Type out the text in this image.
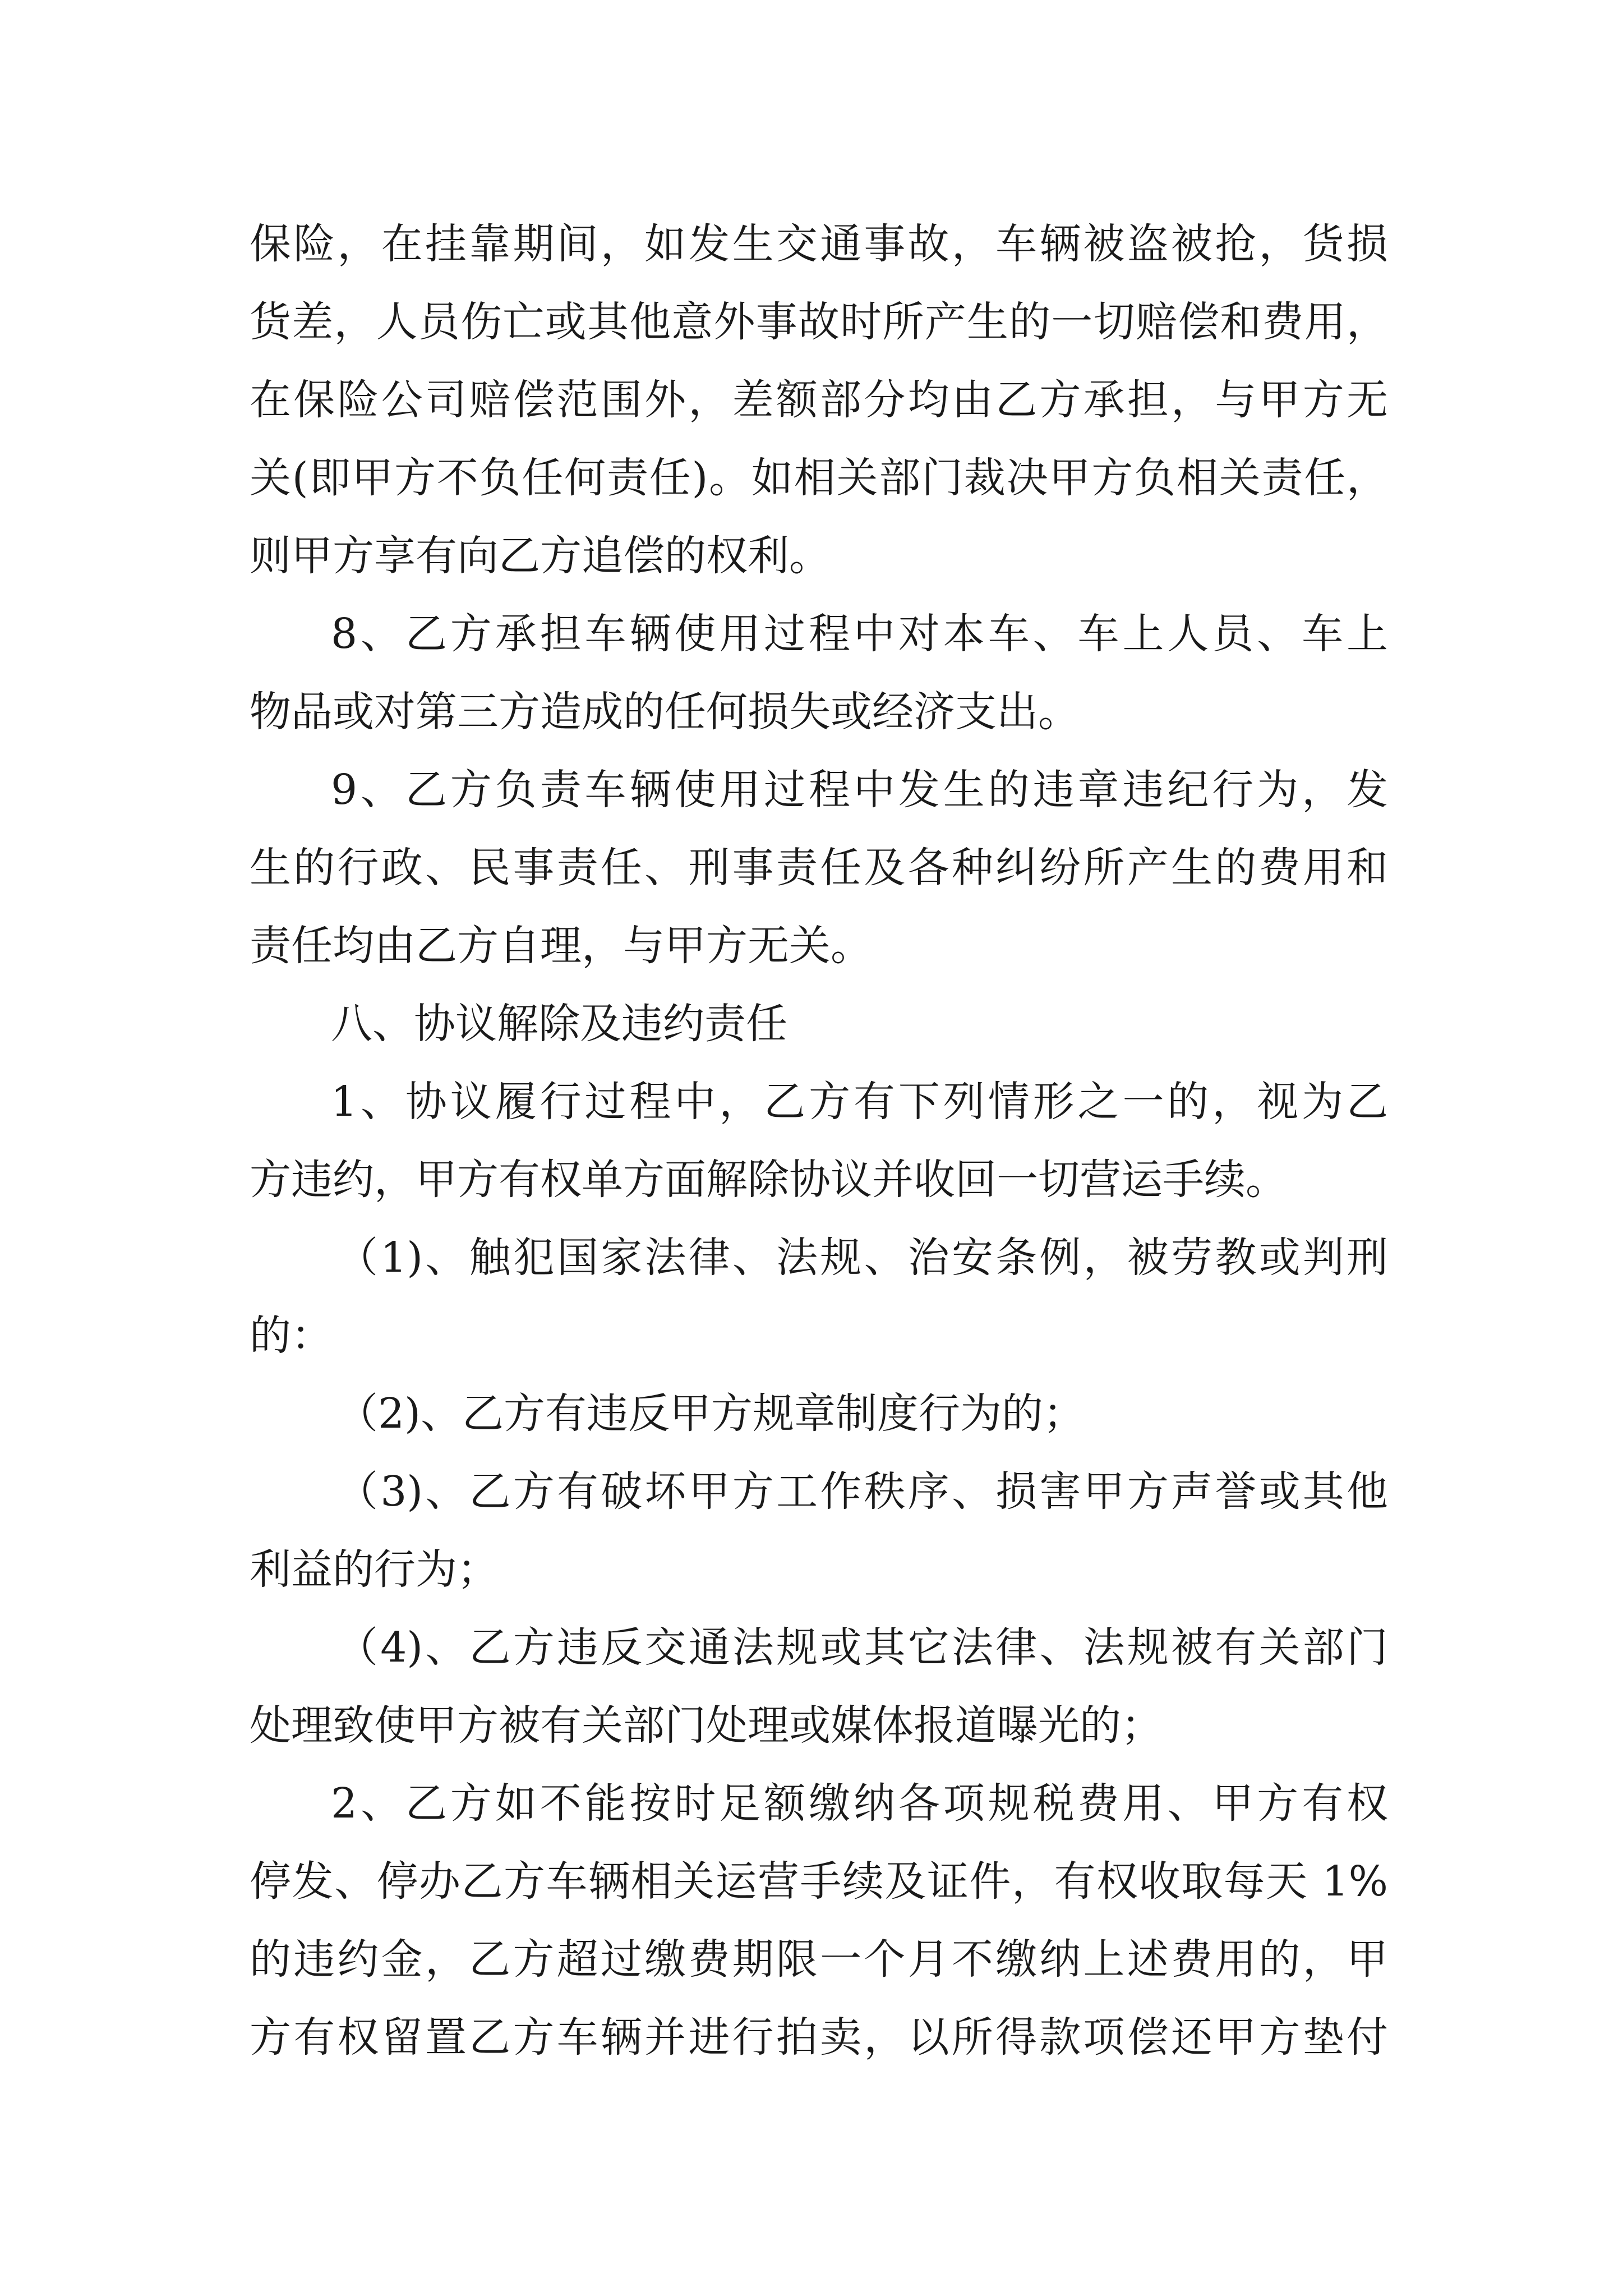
保险，在挂靠期间，如发生交通事故，车辆被盗被抢，货损
货差，人员伤亡或其他意外事故时所产生的一切赔偿和费用，
在保险公司赔偿范围外，差额部分均由乙方承担，与甲方无
关(即甲方不负任何责任)。如相关部门裁决甲方负相关责任，
则甲方享有向乙方追偿的权利。
8、乙方承担车辆使用过程中对本车、车上人员、车上
物品或对第三方造成的任何损失或经济支出。
9、乙方负责车辆使用过程中发生的违章违纪行为，发
生的行政、民事责任、刑事责任及各种纠纷所产生的费用和
责任均由乙方自理，与甲方无关。
八、协议解除及违约责任
1、协议履行过程中，乙方有下列情形之一的，视为乙
方违约，甲方有权单方面解除协议并收回一切营运手续。
（1)、触犯国家法律、法规、治安条例，被劳教或判刑
的：
（2)、乙方有违反甲方规章制度行为的；
（3)、乙方有破坏甲方工作秩序、损害甲方声誉或其他
利益的行为；
（4)、乙方违反交通法规或其它法律、法规被有关部门
处理致使甲方被有关部门处理或媒体报道曝光的；
2、乙方如不能按时足额缴纳各项规税费用、甲方有权
停发、停办乙方车辆相关运营手续及证件，有权收取每天 1%
的违约金，乙方超过缴费期限一个月不缴纳上述费用的，甲
方有权留置乙方车辆并进行拍卖，以所得款项偿还甲方垫付
